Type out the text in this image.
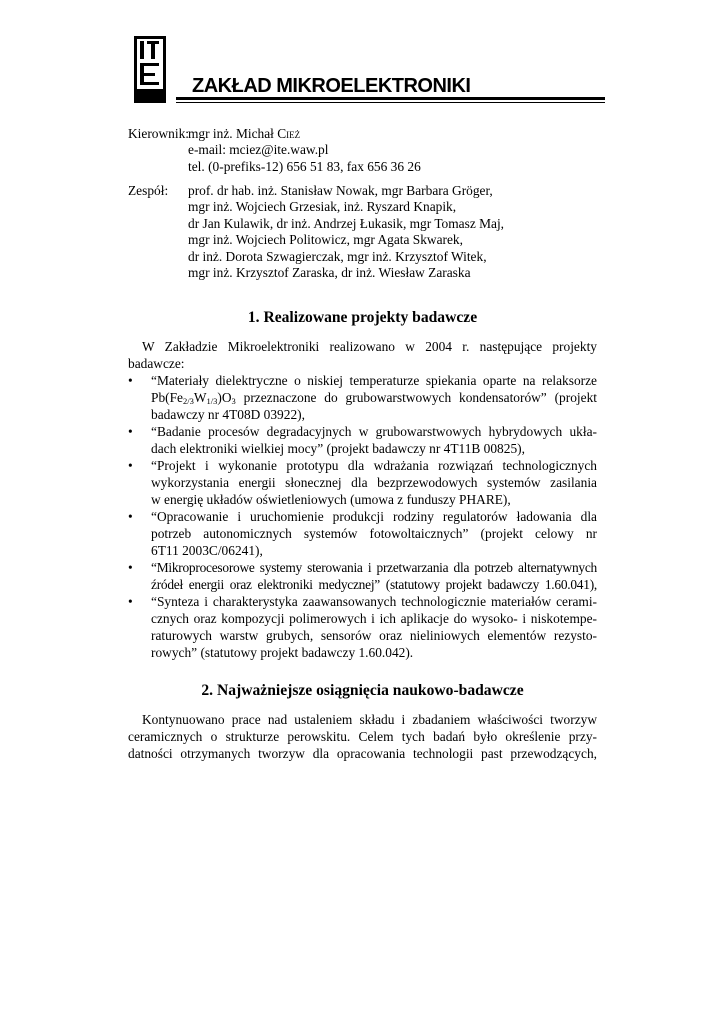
ZAKŁAD MIKROELEKTRONIKI
Kierownik: mgr inż. Michał Cież
e-mail: mciez@ite.waw.pl
tel. (0-prefiks-12) 656 51 83, fax 656 36 26
Zespół: prof. dr hab. inż. Stanisław Nowak, mgr Barbara Gröger,
mgr inż. Wojciech Grzesiak, inż. Ryszard Knapik,
dr Jan Kulawik, dr inż. Andrzej Łukasik, mgr Tomasz Maj,
mgr inż. Wojciech Politowicz, mgr Agata Skwarek,
dr inż. Dorota Szwagierczak, mgr inż. Krzysztof Witek,
mgr inż. Krzysztof Zaraska, dr inż. Wiesław Zaraska
1. Realizowane projekty badawcze
W Zakładzie Mikroelektroniki realizowano w 2004 r. następujące projekty
badawcze:
•	“Materiały dielektryczne o niskiej temperaturze spiekania oparte na relaksorze
$Pb(Fe_{2/3}W_{1/3})O_3$ przeznaczone do grubowarstwowych kondensatorów” (projekt
badawczy nr 4T08D 03922),
•	“Badanie procesów degradacyjnych w grubowarstwowych hybrydowych ukła-
dach elektroniki wielkiej mocy” (projekt badawczy nr 4T11B 00825),
•	“Projekt i wykonanie prototypu dla wdrażania rozwiązań technologicznych
wykorzystania energii słonecznej dla bezprzewodowych systemów zasilania
w energię układów oświetleniowych (umowa z funduszy PHARE),
•	“Opracowanie i uruchomienie produkcji rodziny regulatorów ładowania dla
potrzeb autonomicznych systemów fotowoltaicznych” (projekt celowy nr
6T11 2003C/06241),
•	“Mikroprocesorowe systemy sterowania i przetwarzania dla potrzeb alternatywnych
źródeł energii oraz elektroniki medycznej” (statutowy projekt badawczy 1.60.041),
•	“Synteza i charakterystyka zaawansowanych technologicznie materiałów cerami-
cznych oraz kompozycji polimerowych i ich aplikacje do wysoko- i niskotempe-
raturowych warstw grubych, sensorów oraz nieliniowych elementów rezysto-
rowych” (statutowy projekt badawczy 1.60.042).
2. Najważniejsze osiągnięcia naukowo-badawcze
Kontynuowano prace nad ustaleniem składu i zbadaniem właściwości tworzyw
ceramicznych o strukturze perowskitu. Celem tych badań było określenie przy-
datności otrzymanych tworzyw dla opracowania technologii past przewodzących,
